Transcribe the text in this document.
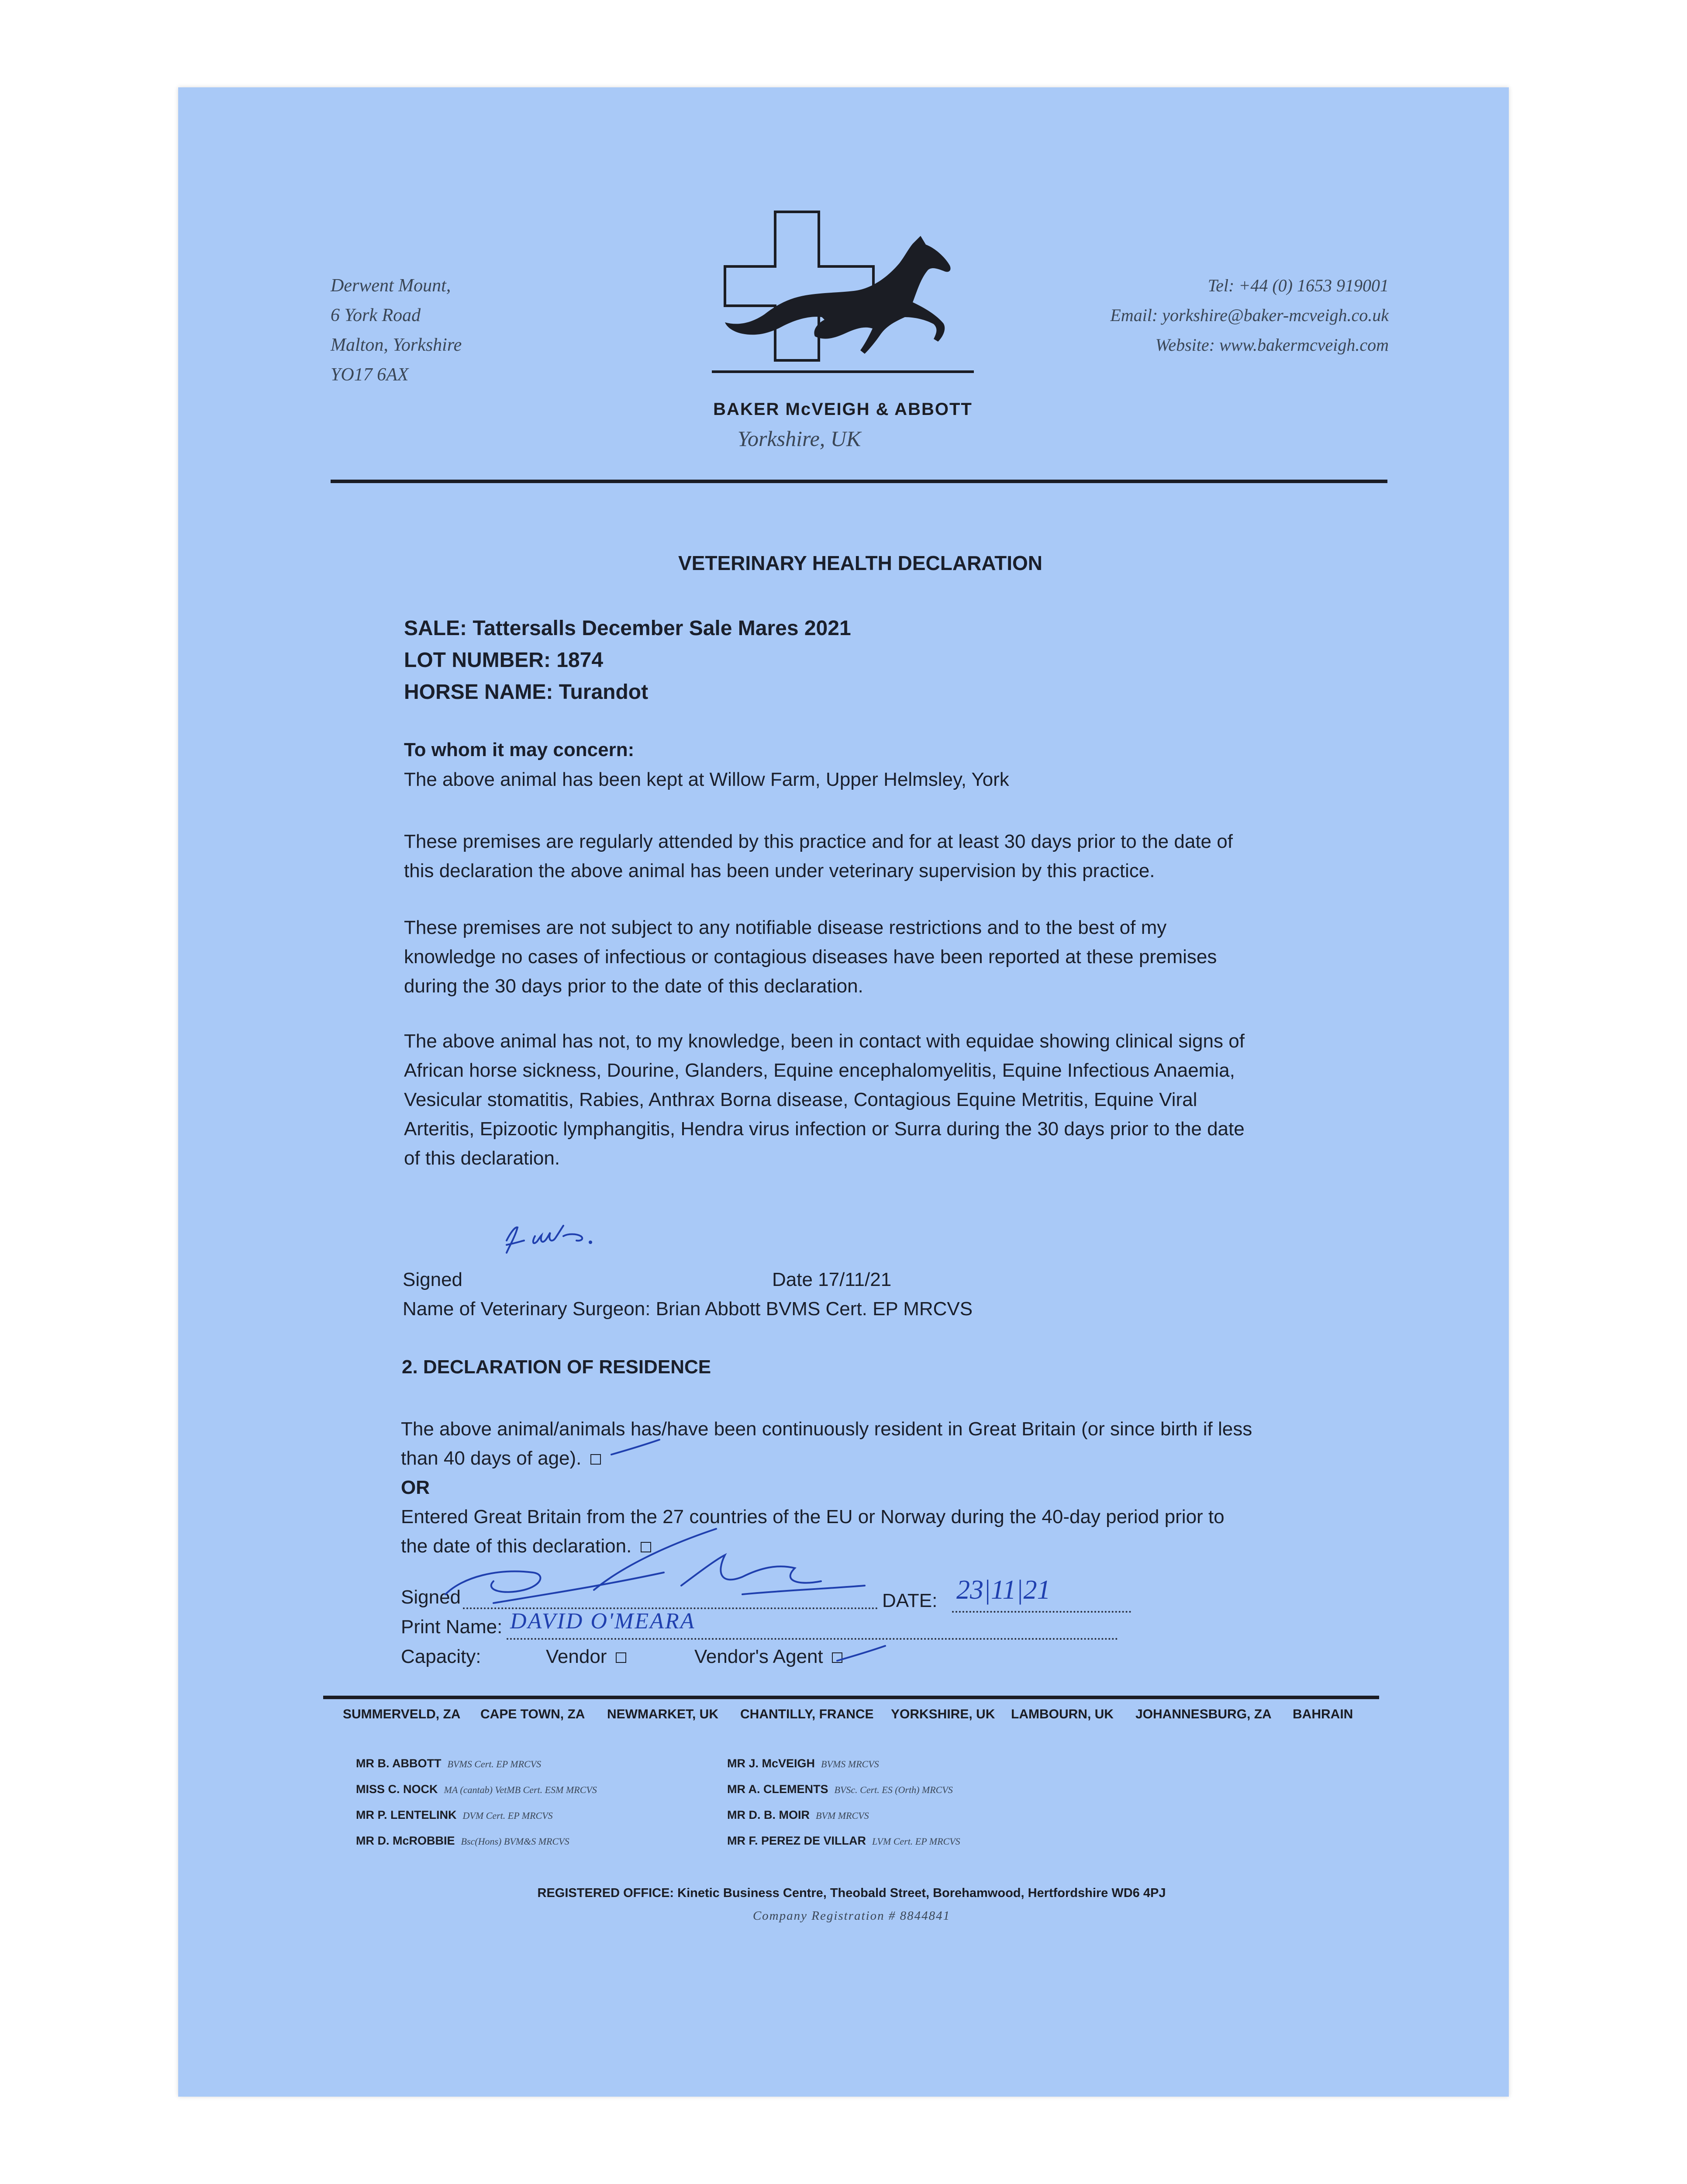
Derwent Mount,
6 York Road
Malton, Yorkshire
YO17 6AX
BAKER McVEIGH & ABBOTT
Yorkshire, UK
Tel: +44 (0) 1653 919001
Email: yorkshire@baker-mcveigh.co.uk
Website: www.bakermcveigh.com
VETERINARY HEALTH DECLARATION
SALE: Tattersalls December Sale Mares 2021
LOT NUMBER: 1874
HORSE NAME: Turandot
To whom it may concern:
The above animal has been kept at Willow Farm, Upper Helmsley, York
These premises are regularly attended by this practice and for at least 30 days prior to the date of
this declaration the above animal has been under veterinary supervision by this practice.
These premises are not subject to any notifiable disease restrictions and to the best of my
knowledge no cases of infectious or contagious diseases have been reported at these premises
during the 30 days prior to the date of this declaration.
The above animal has not, to my knowledge, been in contact with equidae showing clinical signs of
African horse sickness, Dourine, Glanders, Equine encephalomyelitis, Equine Infectious Anaemia,
Vesicular stomatitis, Rabies, Anthrax Borna disease, Contagious Equine Metritis, Equine Viral
Arteritis, Epizootic lymphangitis, Hendra virus infection or Surra during the 30 days prior to the date
of this declaration.
Signed	Date 17/11/21
Name of Veterinary Surgeon: Brian Abbott BVMS Cert. EP MRCVS
2. DECLARATION OF RESIDENCE
The above animal/animals has/have been continuously resident in Great Britain (or since birth if less
than 40 days of age).
OR
Entered Great Britain from the 27 countries of the EU or Norway during the 40-day period prior to
the date of this declaration.
Signed	DATE: 23|11|21
Print Name: DAVID O'MEARA
Capacity:	Vendor	Vendor's Agent
SUMMERVELD, ZA CAPE TOWN, ZA NEWMARKET, UK CHANTILLY, FRANCE YORKSHIRE, UK LAMBOURN, UK JOHANNESBURG, ZA BAHRAIN
MR B. ABBOTT BVMS Cert. EP MRCVS
MISS C. NOCK MA (cantab) VetMB Cert. ESM MRCVS
MR P. LENTELINK DVM Cert. EP MRCVS
MR D. McROBBIE Bsc(Hons) BVM&S MRCVS
MR J. McVEIGH BVMS MRCVS
MR A. CLEMENTS BVSc. Cert. ES (Orth) MRCVS
MR D. B. MOIR BVM MRCVS
MR F. PEREZ DE VILLAR LVM Cert. EP MRCVS
REGISTERED OFFICE: Kinetic Business Centre, Theobald Street, Borehamwood, Hertfordshire WD6 4PJ
Company Registration # 8844841
